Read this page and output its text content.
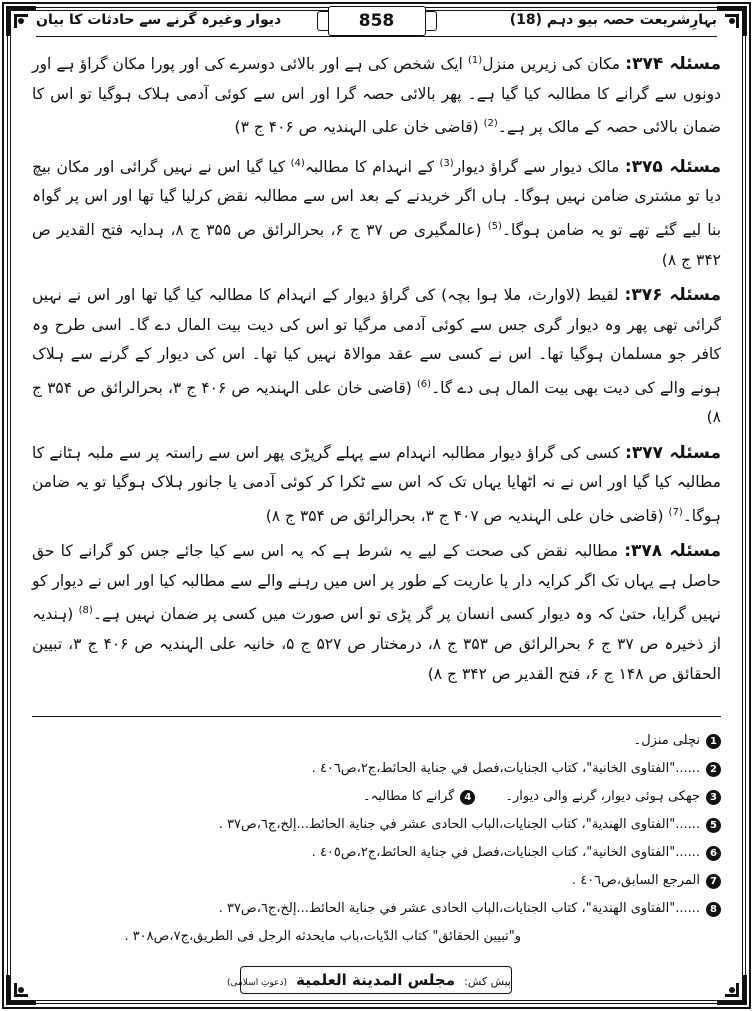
بہارِشریعت حصہ بیو دہم (18)
858
دیوار وغیرہ گرنے سے حادثات کا بیان

مسئلہ ۳۷۴: مکان کی زیریں منزل$^{(1)}$ ایک شخص کی ہے اور بالائی دوسرے کی اور پورا مکان گراؤ ہے اور دونوں سے گرانے کا مطالبہ کیا گیا ہے۔ پھر بالائی حصہ گرا اور اس سے کوئی آدمی ہلاک ہوگیا تو اس کا ضمان بالائی حصہ کے مالک پر ہے۔$^{(2)}$ (قاضی خان علی الہندیہ ص ۴۰۶ ج ۳)

مسئلہ ۳۷۵: مالک دیوار سے گراؤ دیوار$^{(3)}$ کے انہدام کا مطالبہ$^{(4)}$ کیا گیا اس نے نہیں گرائی اور مکان بیچ دیا تو مشتری ضامن نہیں ہوگا۔ ہاں اگر خریدنے کے بعد اس سے مطالبہ نقض کرلیا گیا تھا اور اس پر گواہ بنا لیے گئے تھے تو یہ ضامن ہوگا۔$^{(5)}$ (عالمگیری ص ۳۷ ج ۶، بحرالرائق ص ۳۵۵ ج ۸، ہدایہ فتح القدیر ص ۳۴۲ ج ۸)

مسئلہ ۳۷۶: لقیط (لاوارث، ملا ہوا بچہ) کی گراؤ دیوار کے انہدام کا مطالبہ کیا گیا تھا اور اس نے نہیں گرائی تھی پھر وہ دیوار گری جس سے کوئی آدمی مرگیا تو اس کی دیت بیت المال دے گا۔ اسی طرح وہ کافر جو مسلمان ہوگیا تھا۔ اس نے کسی سے عقد موالاۃ نہیں کیا تھا۔ اس کی دیوار کے گرنے سے ہلاک ہونے والے کی دیت بھی بیت المال ہی دے گا۔$^{(6)}$ (قاضی خان علی الہندیہ ص ۴۰۶ ج ۳، بحرالرائق ص ۳۵۴ ج ۸)

مسئلہ ۳۷۷: کسی کی گراؤ دیوار مطالبہ انہدام سے پہلے گرپڑی پھر اس سے راستہ پر سے ملبہ ہٹانے کا مطالبہ کیا گیا اور اس نے نہ اٹھایا یہاں تک کہ اس سے ٹکرا کر کوئی آدمی یا جانور ہلاک ہوگیا تو یہ ضامن ہوگا۔$^{(7)}$ (قاضی خان علی الہندیہ ص ۴۰۷ ج ۳، بحرالرائق ص ۳۵۴ ج ۸)

مسئلہ ۳۷۸: مطالبہ نقض کی صحت کے لیے یہ شرط ہے کہ یہ اس سے کیا جائے جس کو گرانے کا حق حاصل ہے یہاں تک اگر کرایہ دار یا عاریت کے طور پر اس میں رہنے والے سے مطالبہ کیا اور اس نے دیوار کو نہیں گرایا، حتیٰ کہ وہ دیوار کسی انسان پر گر پڑی تو اس صورت میں کسی پر ضمان نہیں ہے۔$^{(8)}$ (ہندیہ از ذخیرہ ص ۳۷ ج ۶ بحرالرائق ص ۳۵۳ ج ۸، درمختار ص ۵۲۷ ج ۵، خانیہ علی الہندیہ ص ۴۰۶ ج ۳، تبیین الحقائق ص ۱۴۸ ج ۶، فتح القدیر ص ۳۴۲ ج ۸)

1
نچلی منزل۔
2
......"الفتاوى الخانية"، كتاب الجنايات،فصل في جناية الحائط،ج٢،ص٤٠٦ .
3
جھکی ہوئی دیوار، گرنے والی دیوار۔
4
گرانے کا مطالبہ۔
5
......"الفتاوى الهندية"، كتاب الجنايات،الباب الحادى عشر في جناية الحائط...إلخ،ج٦،ص٣٧ .
6
......"الفتاوى الخانية"، كتاب الجنايات،فصل في جناية الحائط،ج٢،ص٤٠٥ .
7
المرجع السابق،ص٤٠٦ .
8
......"الفتاوى الهندية"، كتاب الجنايات،الباب الحادى عشر في جناية الحائط...إلخ،ج٦،ص٣٧ .
و"تبيين الحقائق" كتاب الدّيات،باب مايحدثه الرجل فى الطريق،ج٧،ص٣٠٨ .
پیش کش: مجلس المدينة العلمية (دعوتِ اسلامی)
